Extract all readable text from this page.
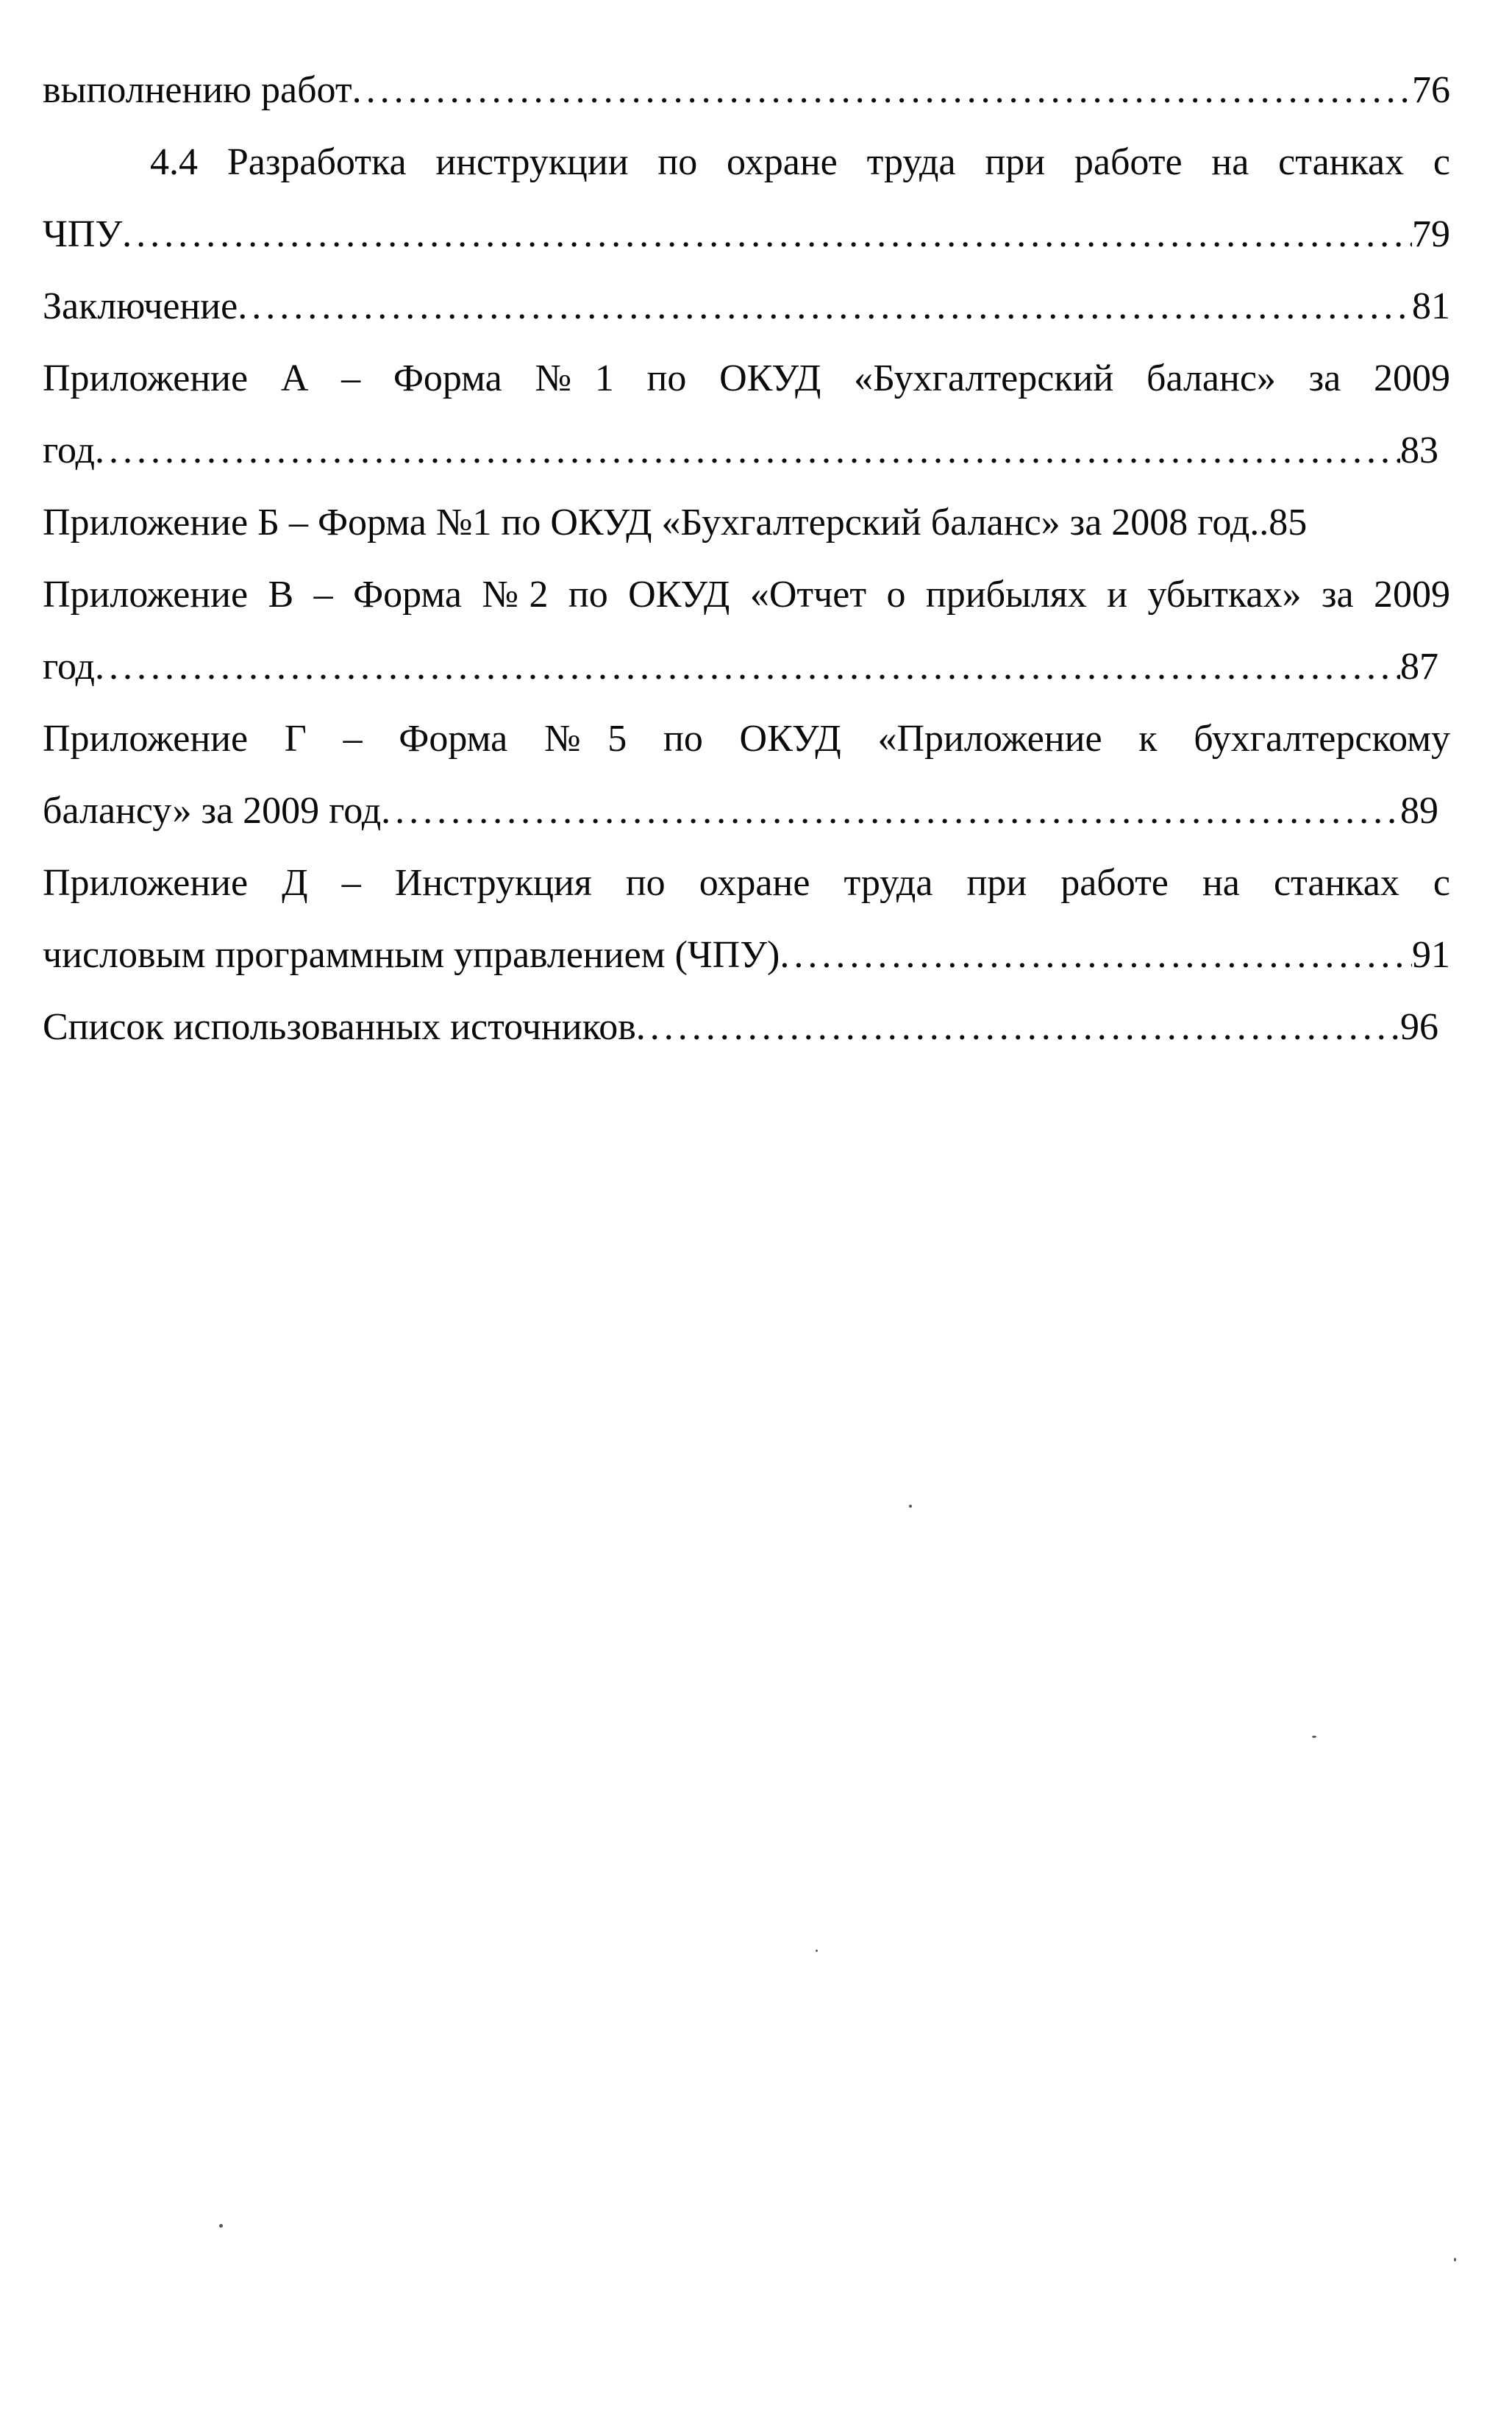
выполнению работ .....	76
4.4 Разработка инструкции по охране труда при работе на станках с
ЧПУ .....	79
Заключение .....	81
Приложение А – Форма №1 по ОКУД «Бухгалтерский баланс» за 2009
год .....	83
Приложение Б – Форма №1 по ОКУД «Бухгалтерский баланс» за 2008 год..85
Приложение В – Форма №2 по ОКУД «Отчет о прибылях и убытках» за 2009
год .....	87
Приложение Г – Форма №5 по ОКУД «Приложение к бухгалтерскому
балансу» за 2009 год .....	89
Приложение Д – Инструкция по охране труда при работе на станках с
числовым программным управлением (ЧПУ) .....	91
Список использованных источников .....	96
